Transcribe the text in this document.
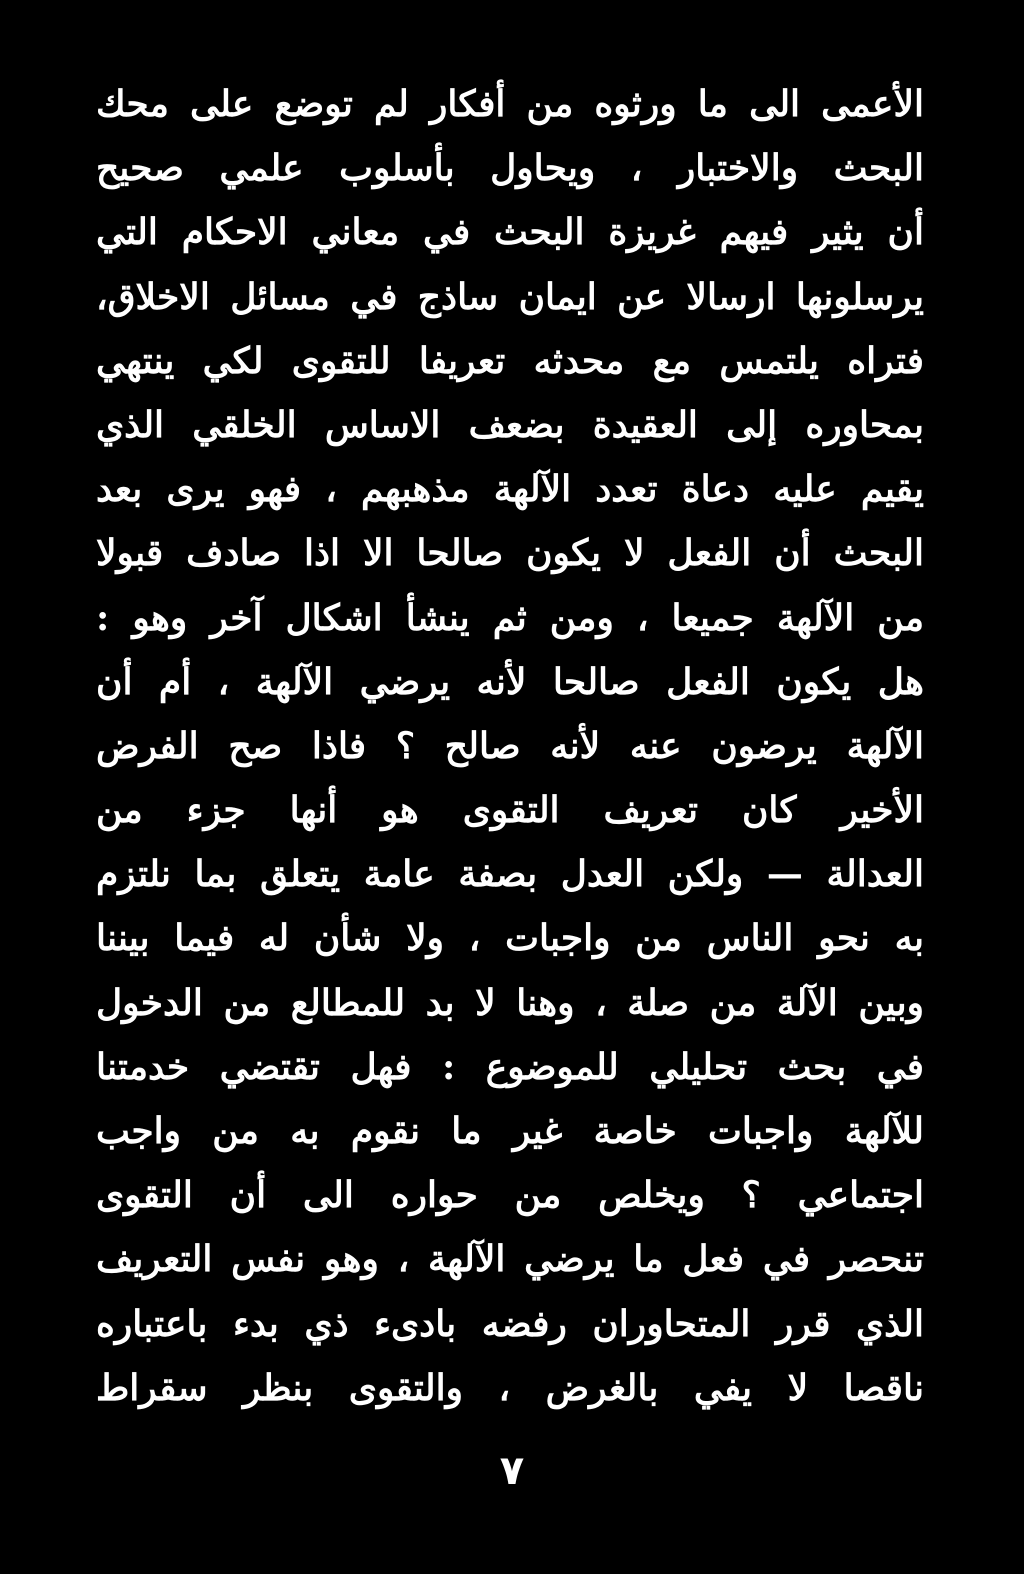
الأعمى الى ما ورثوه من أفكار لم توضع على محك
البحث والاختبار ، ويحاول بأسلوب علمي صحيح
أن يثير فيهم غريزة البحث في معاني الاحكام التي
يرسلونها ارسالا عن ايمان ساذج في مسائل الاخلاق،
فتراه يلتمس مع محدثه تعريفا للتقوى لكي ينتهي
بمحاوره إلى العقيدة بضعف الاساس الخلقي الذي
يقيم عليه دعاة تعدد الآلهة مذهبهم ، فهو يرى بعد
البحث أن الفعل لا يكون صالحا الا اذا صادف قبولا
من الآلهة جميعا ، ومن ثم ينشأ اشكال آخر وهو :
هل يكون الفعل صالحا لأنه يرضي الآلهة ، أم أن
الآلهة يرضون عنه لأنه صالح ؟ فاذا صح الفرض
الأخير كان تعريف التقوى هو أنها جزء من
العدالة — ولكن العدل بصفة عامة يتعلق بما نلتزم
به نحو الناس من واجبات ، ولا شأن له فيما بيننا
وبين الآلة من صلة ، وهنا لا بد للمطالع من الدخول
في بحث تحليلي للموضوع : فهل تقتضي خدمتنا
للآلهة واجبات خاصة غير ما نقوم به من واجب
اجتماعي ؟ ويخلص من حواره الى أن التقوى
تنحصر في فعل ما يرضي الآلهة ، وهو نفس التعريف
الذي قرر المتحاوران رفضه بادىء ذي بدء باعتباره
ناقصا لا يفي بالغرض ، والتقوى بنظر سقراط
٧
